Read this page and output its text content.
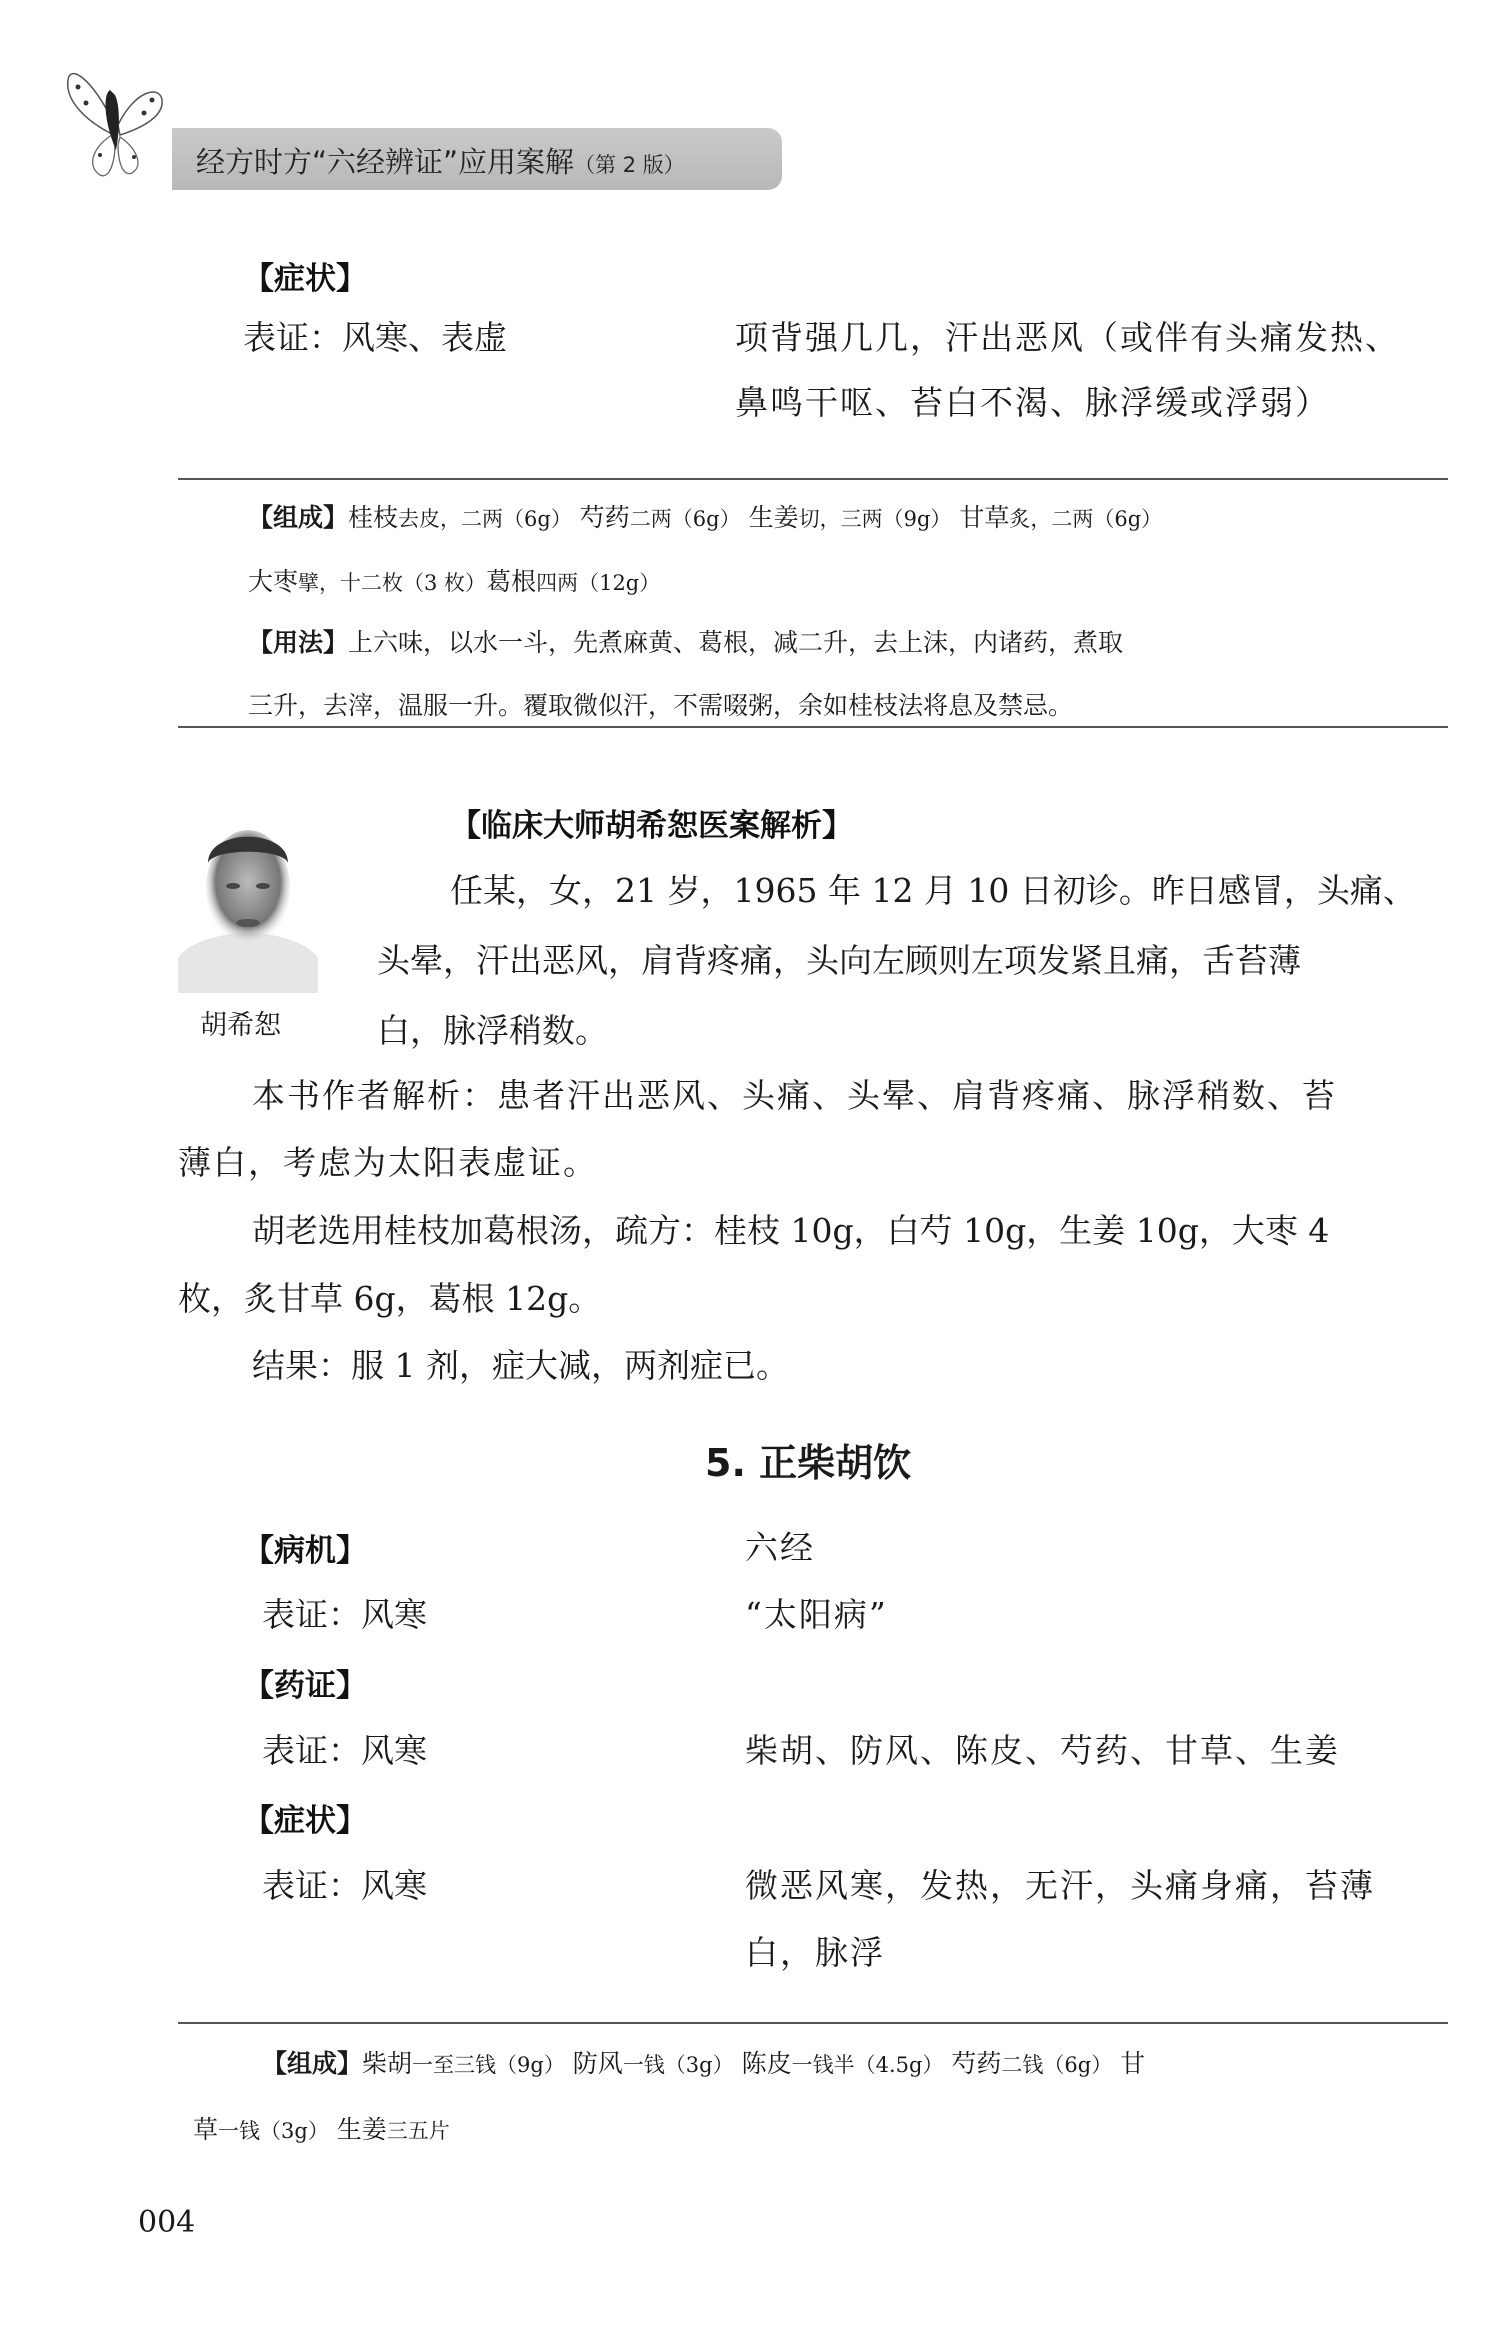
经方时方“六经辨证”应用案解（第 2 版）
【症状】
表证：风寒、表虚	项背强几几，汗出恶风（或伴有头痛发热、
鼻鸣干呕、苔白不渴、脉浮缓或浮弱）
【组成】桂枝去皮，二两（6g） 芍药二两（6g） 生姜切，三两（9g） 甘草炙，二两（6g）
大枣擘，十二枚（3 枚）葛根四两（12g）
【用法】上六味，以水一斗，先煮麻黄、葛根，减二升，去上沫，内诸药，煮取
三升，去滓，温服一升。覆取微似汗，不需啜粥，余如桂枝法将息及禁忌。
胡希恕
【临床大师胡希恕医案解析】
任某，女，21 岁，1965 年 12 月 10 日初诊。昨日感冒，头痛、
头晕，汗出恶风，肩背疼痛，头向左顾则左项发紧且痛，舌苔薄
白，脉浮稍数。
本书作者解析：患者汗出恶风、头痛、头晕、肩背疼痛、脉浮稍数、苔
薄白，考虑为太阳表虚证。
胡老选用桂枝加葛根汤，疏方：桂枝 10g，白芍 10g，生姜 10g，大枣 4
枚，炙甘草 6g，葛根 12g。
结果：服 1 剂，症大减，两剂症已。
5. 正柴胡饮
【病机】	六经
表证：风寒	“太阳病”
【药证】
表证：风寒	柴胡、防风、陈皮、芍药、甘草、生姜
【症状】
表证：风寒	微恶风寒，发热，无汗，头痛身痛，苔薄
白，脉浮
【组成】柴胡一至三钱（9g） 防风一钱（3g） 陈皮一钱半（4.5g） 芍药二钱（6g） 甘
草一钱（3g） 生姜三五片
004
